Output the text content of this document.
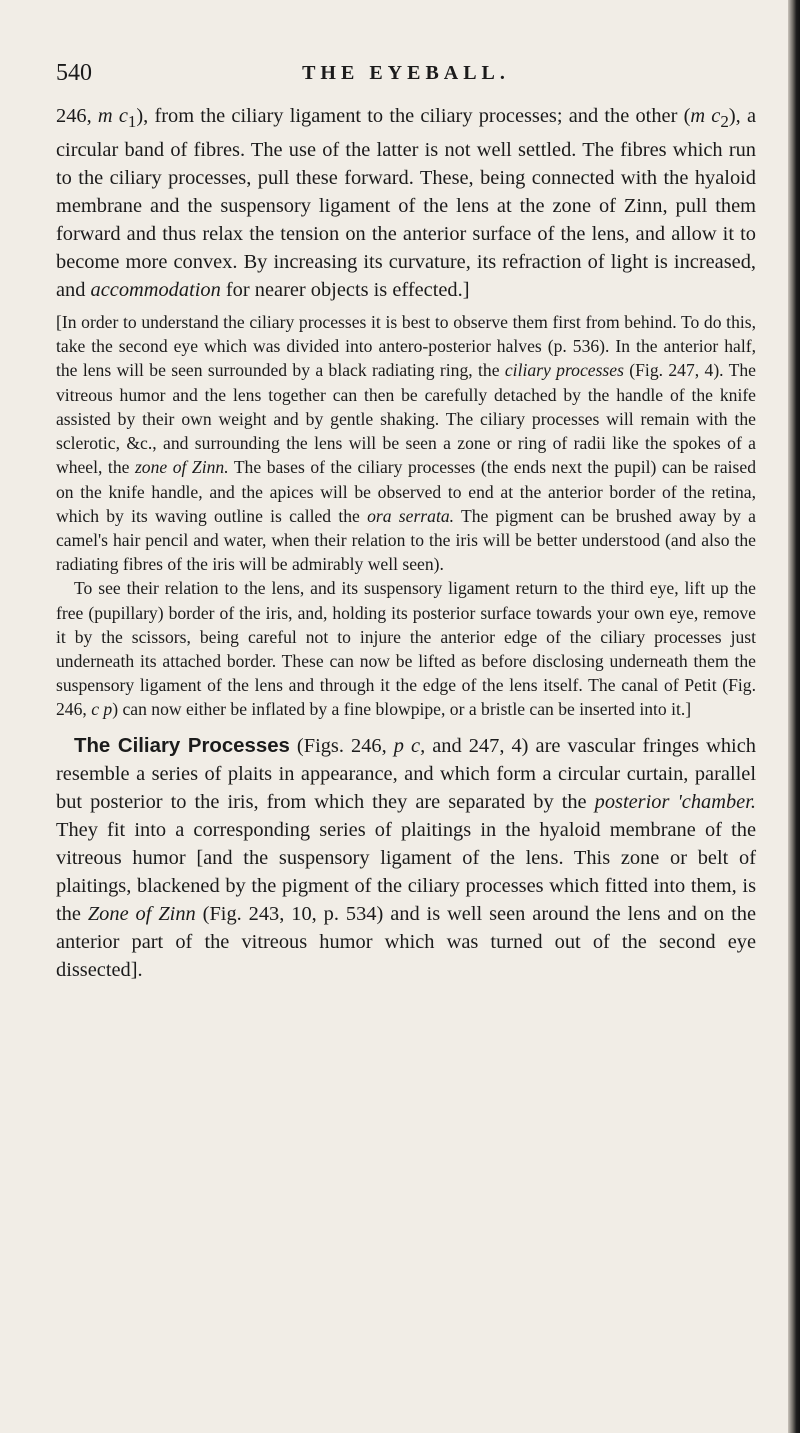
540	THE EYEBALL.

246, m $c_1$), from the ciliary ligament to the ciliary processes; and the other (m $c_2$), a circular band of fibres. The use of the latter is not well settled. The fibres which run to the ciliary processes, pull these forward. These, being connected with the hyaloid membrane and the suspensory ligament of the lens at the zone of Zinn, pull them forward and thus relax the tension on the anterior surface of the lens, and allow it to become more convex. By increasing its curvature, its refraction of light is increased, and accommodation for nearer objects is effected.]

[In order to understand the ciliary processes it is best to observe them first from behind. To do this, take the second eye which was divided into antero-posterior halves (p. 536). In the anterior half, the lens will be seen surrounded by a black radiating ring, the ciliary processes (Fig. 247, 4). The vitreous humor and the lens together can then be carefully detached by the handle of the knife assisted by their own weight and by gentle shaking. The ciliary processes will remain with the sclerotic, &c., and surrounding the lens will be seen a zone or ring of radii like the spokes of a wheel, the zone of Zinn. The bases of the ciliary processes (the ends next the pupil) can be raised on the knife handle, and the apices will be observed to end at the anterior border of the retina, which by its waving outline is called the ora serrata. The pigment can be brushed away by a camel's hair pencil and water, when their relation to the iris will be better understood (and also the radiating fibres of the iris will be admirably well seen).

To see their relation to the lens, and its suspensory ligament return to the third eye, lift up the free (pupillary) border of the iris, and, holding its posterior surface towards your own eye, remove it by the scissors, being careful not to injure the anterior edge of the ciliary processes just underneath its attached border. These can now be lifted as before disclosing underneath them the suspensory ligament of the lens and through it the edge of the lens itself. The canal of Petit (Fig. 246, c p) can now either be inflated by a fine blowpipe, or a bristle can be inserted into it.]

The Ciliary Processes (Figs. 246, p c, and 247, 4) are vascular fringes which resemble a series of plaits in appearance, and which form a circular curtain, parallel but posterior to the iris, from which they are separated by the posterior 'chamber. They fit into a corresponding series of plaitings in the hyaloid membrane of the vitreous humor [and the suspensory ligament of the lens. This zone or belt of plaitings, blackened by the pigment of the ciliary processes which fitted into them, is the Zone of Zinn (Fig. 243, 10, p. 534) and is well seen around the lens and on the anterior part of the vitreous humor which was turned out of the second eye dissected].
